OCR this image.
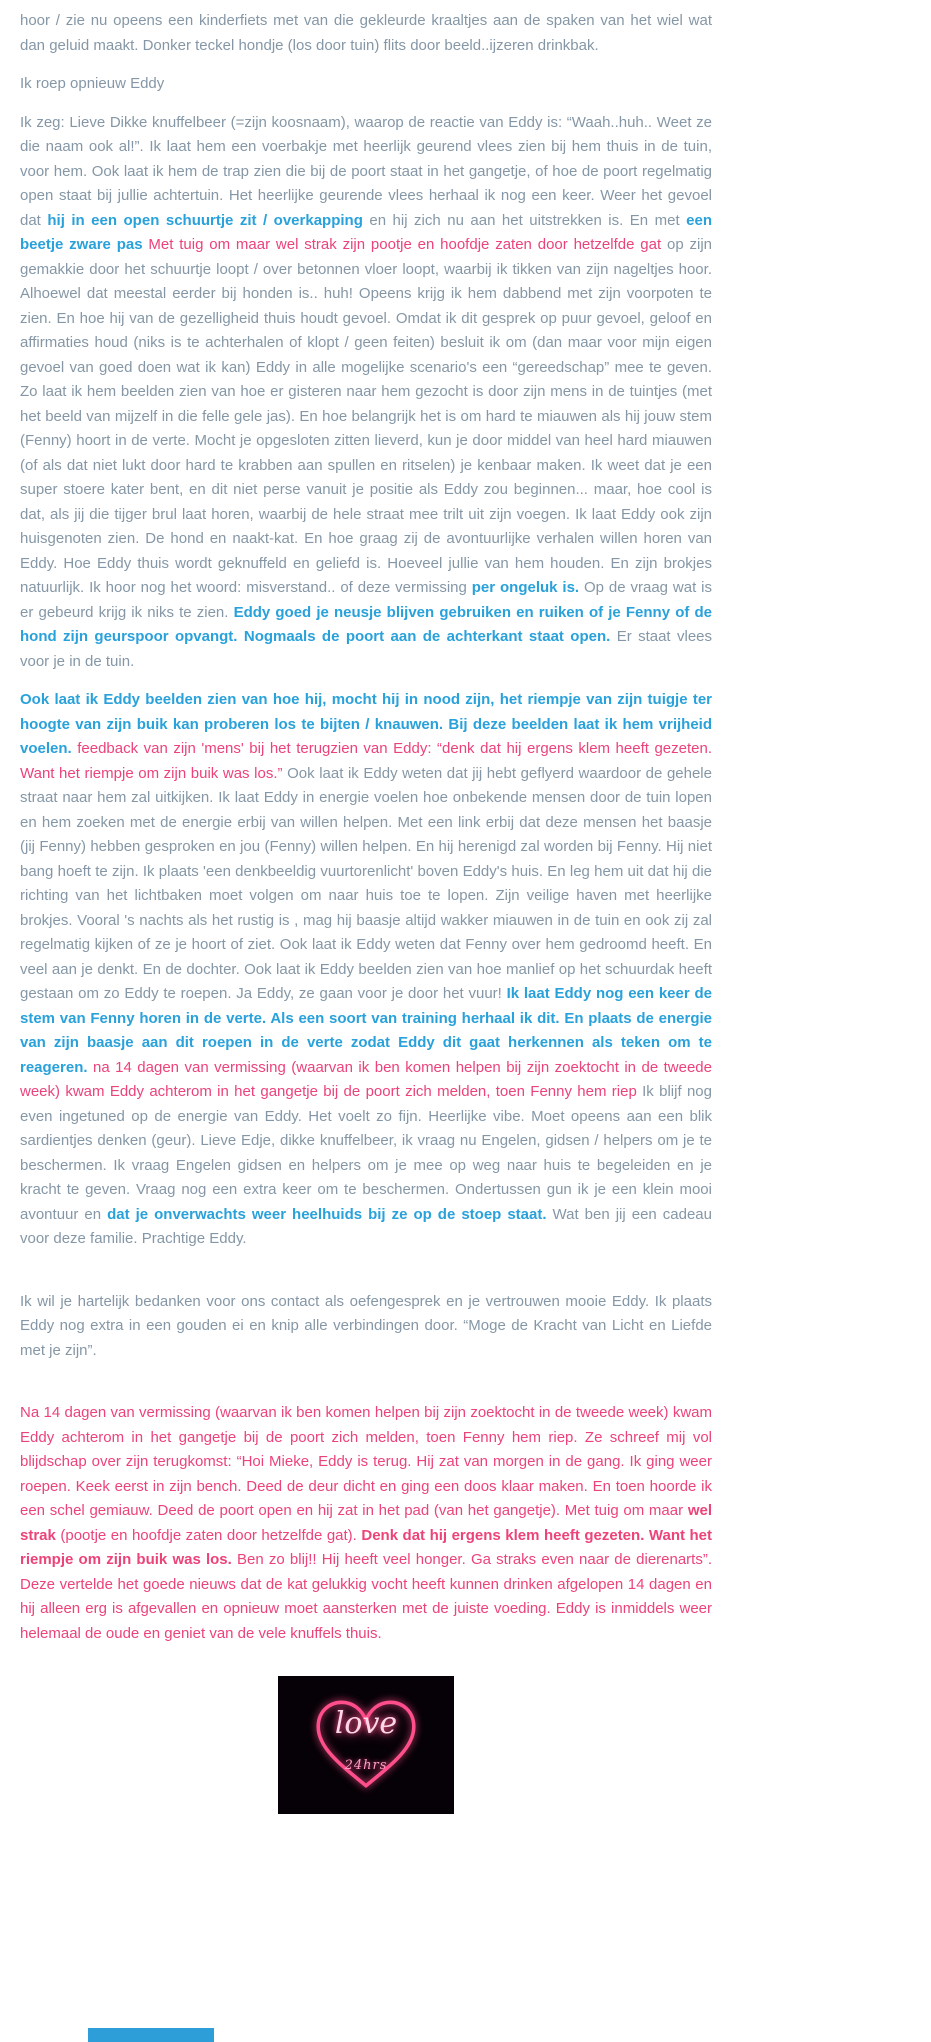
hoor / zie nu opeens een kinderfiets met van die gekleurde kraaltjes aan de spaken van het wiel wat dan geluid maakt. Donker teckel hondje (los door tuin) flits door beeld..ijzeren drinkbak.

Ik roep opnieuw Eddy

Ik zeg: Lieve Dikke knuffelbeer (=zijn koosnaam), waarop de reactie van Eddy is: “Waah..huh.. Weet ze die naam ook al!”. Ik laat hem een voerbakje met heerlijk geurend vlees zien bij hem thuis in de tuin, voor hem. Ook laat ik hem de trap zien die bij de poort staat in het gangetje, of hoe de poort regelmatig open staat bij jullie achtertuin. Het heerlijke geurende vlees herhaal ik nog een keer. Weer het gevoel dat hij in een open schuurtje zit / overkapping en hij zich nu aan het uitstrekken is. En met een beetje zware pas Met tuig om maar wel strak zijn pootje en hoofdje zaten door hetzelfde gat op zijn gemakkie door het schuurtje loopt / over betonnen vloer loopt, waarbij ik tikken van zijn nageltjes hoor. Alhoewel dat meestal eerder bij honden is.. huh! Opeens krijg ik hem dabbend met zijn voorpoten te zien. En hoe hij van de gezelligheid thuis houdt gevoel. Omdat ik dit gesprek op puur gevoel, geloof en affirmaties houd (niks is te achterhalen of klopt / geen feiten) besluit ik om (dan maar voor mijn eigen gevoel van goed doen wat ik kan) Eddy in alle mogelijke scenario's een “gereedschap” mee te geven. Zo laat ik hem beelden zien van hoe er gisteren naar hem gezocht is door zijn mens in de tuintjes (met het beeld van mijzelf in die felle gele jas). En hoe belangrijk het is om hard te miauwen als hij jouw stem (Fenny) hoort in de verte. Mocht je opgesloten zitten lieverd, kun je door middel van heel hard miauwen (of als dat niet lukt door hard te krabben aan spullen en ritselen) je kenbaar maken. Ik weet dat je een super stoere kater bent, en dit niet perse vanuit je positie als Eddy zou beginnen... maar, hoe cool is dat, als jij die tijger brul laat horen, waarbij de hele straat mee trilt uit zijn voegen. Ik laat Eddy ook zijn huisgenoten zien. De hond en naakt-kat. En hoe graag zij de avontuurlijke verhalen willen horen van Eddy. Hoe Eddy thuis wordt geknuffeld en geliefd is. Hoeveel jullie van hem houden. En zijn brokjes natuurlijk. Ik hoor nog het woord: misverstand.. of deze vermissing per ongeluk is. Op de vraag wat is er gebeurd krijg ik niks te zien. Eddy goed je neusje blijven gebruiken en ruiken of je Fenny of de hond zijn geurspoor opvangt. Nogmaals de poort aan de achterkant staat open. Er staat vlees voor je in de tuin.

Ook laat ik Eddy beelden zien van hoe hij, mocht hij in nood zijn, het riempje van zijn tuigje ter hoogte van zijn buik kan proberen los te bijten / knauwen. Bij deze beelden laat ik hem vrijheid voelen. feedback van zijn 'mens' bij het terugzien van Eddy: “denk dat hij ergens klem heeft gezeten. Want het riempje om zijn buik was los.” Ook laat ik Eddy weten dat jij hebt geflyerd waardoor de gehele straat naar hem zal uitkijken. Ik laat Eddy in energie voelen hoe onbekende mensen door de tuin lopen en hem zoeken met de energie erbij van willen helpen. Met een link erbij dat deze mensen het baasje (jij Fenny) hebben gesproken en jou (Fenny) willen helpen. En hij herenigd zal worden bij Fenny. Hij niet bang hoeft te zijn. Ik plaats 'een denkbeeldig vuurtorenlicht' boven Eddy's huis. En leg hem uit dat hij die richting van het lichtbaken moet volgen om naar huis toe te lopen. Zijn veilige haven met heerlijke brokjes. Vooral 's nachts als het rustig is , mag hij baasje altijd wakker miauwen in de tuin en ook zij zal regelmatig kijken of ze je hoort of ziet. Ook laat ik Eddy weten dat Fenny over hem gedroomd heeft. En veel aan je denkt. En de dochter. Ook laat ik Eddy beelden zien van hoe manlief op het schuurdak heeft gestaan om zo Eddy te roepen. Ja Eddy, ze gaan voor je door het vuur! Ik laat Eddy nog een keer de stem van Fenny horen in de verte. Als een soort van training herhaal ik dit. En plaats de energie van zijn baasje aan dit roepen in de verte zodat Eddy dit gaat herkennen als teken om te reageren. na 14 dagen van vermissing (waarvan ik ben komen helpen bij zijn zoektocht in de tweede week) kwam Eddy achterom in het gangetje bij de poort zich melden, toen Fenny hem riep Ik blijf nog even ingetuned op de energie van Eddy. Het voelt zo fijn. Heerlijke vibe. Moet opeens aan een blik sardientjes denken (geur). Lieve Edje, dikke knuffelbeer, ik vraag nu Engelen, gidsen / helpers om je te beschermen. Ik vraag Engelen gidsen en helpers om je mee op weg naar huis te begeleiden en je kracht te geven. Vraag nog een extra keer om te beschermen. Ondertussen gun ik je een klein mooi avontuur en dat je onverwachts weer heelhuids bij ze op de stoep staat. Wat ben jij een cadeau voor deze familie. Prachtige Eddy.

Ik wil je hartelijk bedanken voor ons contact als oefengesprek en je vertrouwen mooie Eddy. Ik plaats Eddy nog extra in een gouden ei en knip alle verbindingen door. “Moge de Kracht van Licht en Liefde met je zijn”.

Na 14 dagen van vermissing (waarvan ik ben komen helpen bij zijn zoektocht in de tweede week) kwam Eddy achterom in het gangetje bij de poort zich melden, toen Fenny hem riep. Ze schreef mij vol blijdschap over zijn terugkomst: “Hoi Mieke, Eddy is terug. Hij zat van morgen in de gang. Ik ging weer roepen. Keek eerst in zijn bench. Deed de deur dicht en ging een doos klaar maken. En toen hoorde ik een schel gemiauw. Deed de poort open en hij zat in het pad (van het gangetje). Met tuig om maar wel strak (pootje en hoofdje zaten door hetzelfde gat). Denk dat hij ergens klem heeft gezeten. Want het riempje om zijn buik was los. Ben zo blij!! Hij heeft veel honger. Ga straks even naar de dierenarts”. Deze vertelde het goede nieuws dat de kat gelukkig vocht heeft kunnen drinken afgelopen 14 dagen en hij alleen erg is afgevallen en opnieuw moet aansterken met de juiste voeding. Eddy is inmiddels weer helemaal de oude en geniet van de vele knuffels thuis.

love
24hrs
